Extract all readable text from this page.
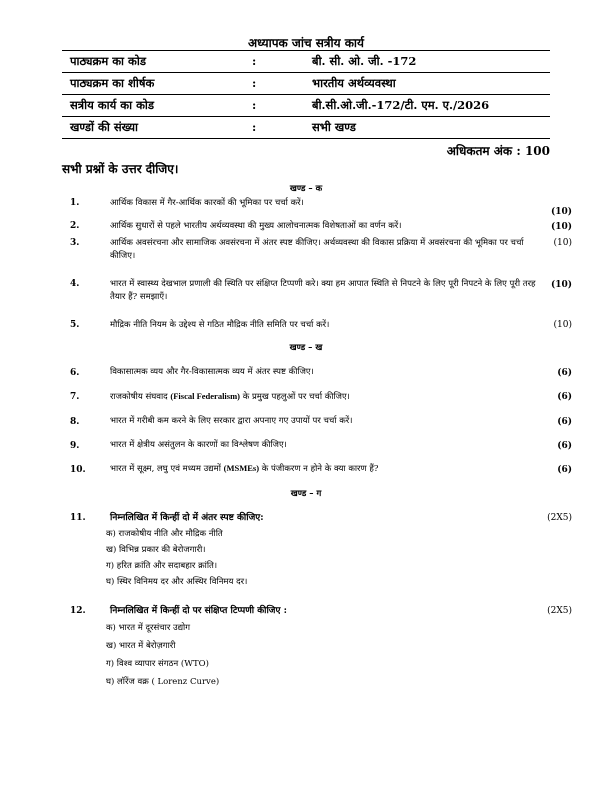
अध्यापक जांच सत्रीय कार्य
पाठ्यक्रम का कोड	:	बी. सी. ओ. जी. -172
पाठ्यक्रम का शीर्षक	:	भारतीय अर्थव्यवस्था
सत्रीय कार्य का कोड	:	बी.सी.ओ.जी.-172/टी. एम. ए./2026
खण्डों की संख्या	:	सभी खण्ड
अधिकतम अंक : 100
सभी प्रश्नों के उत्तर दीजिए।
खण्ड – क
1.	आर्थिक विकास में गैर-आर्थिक कारकों की भूमिका पर चर्चा करें।
(10)
2.	आर्थिक सुधारों से पहले भारतीय अर्थव्यवस्था की मुख्य आलोचनात्मक विशेषताओं का वर्णन करें।	(10)
3.	आर्थिक अवसंरचना और सामाजिक अवसंरचना में अंतर स्पष्ट कीजिए। अर्थव्यवस्था की विकास प्रक्रिया में अवसंरचना की भूमिका पर चर्चा कीजिए।
(10)
4.	भारत में स्वास्थ्य देखभाल प्रणाली की स्थिति पर संक्षिप्त टिप्पणी करे। क्या हम आपात स्थिति से निपटने के लिए पूरी निपटने के लिए पूरी तरह तैयार हैं? समझाएँ।
(10)
5.	मौद्रिक नीति नियम के उद्देश्य से गठित मौद्रिक नीति समिति पर चर्चा करें।	(10)
खण्ड – ख
6.	विकासात्मक व्यय और गैर-विकासात्मक व्यय में अंतर स्पष्ट कीजिए।	(6)
7.	राजकोषीय संघवाद (Fiscal Federalism) के प्रमुख पहलुओं पर चर्चा कीजिए।	(6)
8.	भारत में गरीबी कम करने के लिए सरकार द्वारा अपनाए गए उपायों पर चर्चा करें।	(6)
9.	भारत में क्षेत्रीय असंतुलन के कारणों का विश्लेषण कीजिए।	(6)
10.	भारत में सूक्ष्म, लघु एवं मध्यम उद्यमों (MSMEs) के पंजीकरण न होने के क्या कारण हैं?	(6)
खण्ड – ग
11.	निम्नलिखित में किन्हीं दो में अंतर स्पष्ट कीजिए:	(2X5)
क) राजकोषीय नीति और मौद्रिक नीति
ख) विभिन्न प्रकार की बेरोजगारी।
ग) हरित क्रांति और सदाबहार क्रांति।
घ) स्थिर विनिमय दर और अस्थिर विनिमय दर।
12.	निम्नलिखित में किन्हीं दो पर संक्षिप्त टिप्पणी कीजिए :	(2X5)
क) भारत में दूरसंचार उद्योग
ख) भारत में बेरोज़गारी
ग) विश्व व्यापार संगठन (WTO)
घ) लॉरेंज वक्र ( Lorenz Curve)
